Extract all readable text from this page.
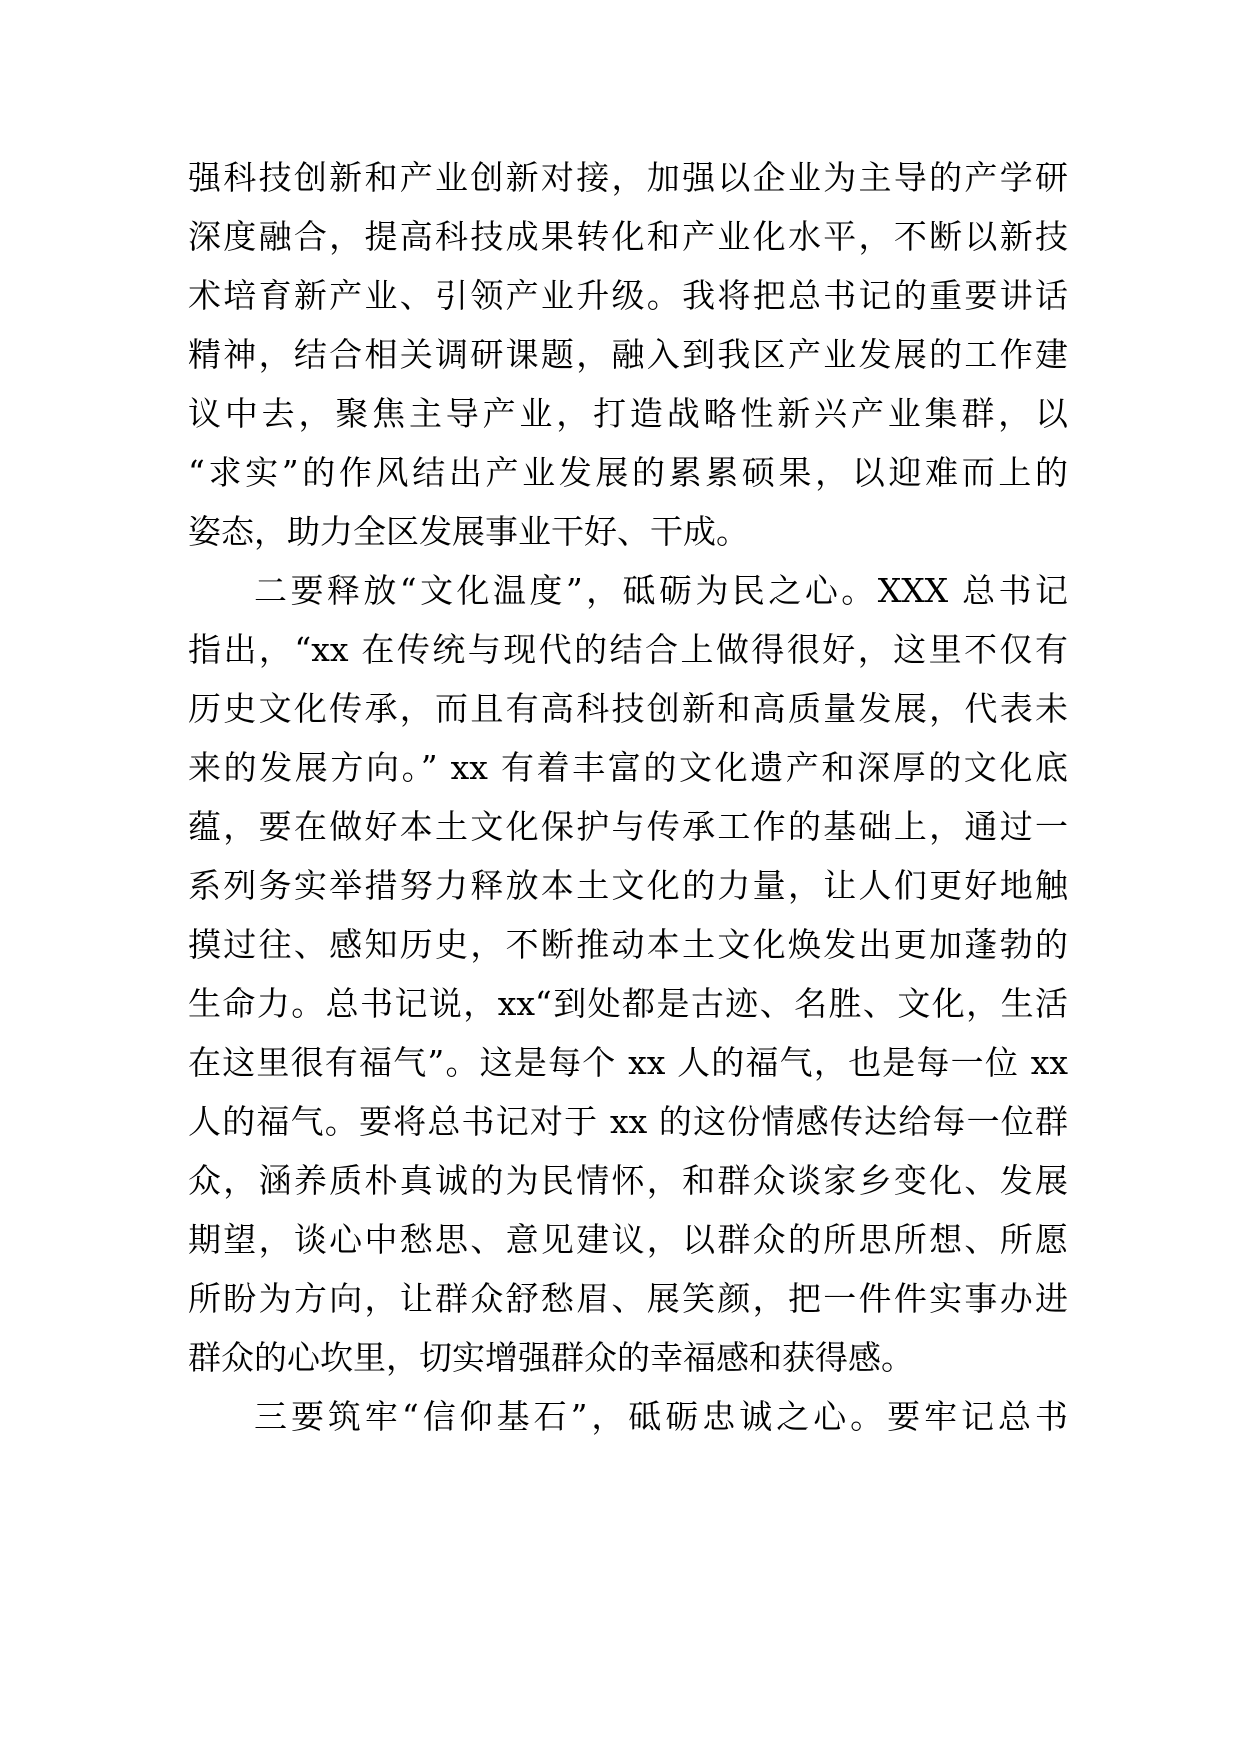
强科技创新和产业创新对接，加强以企业为主导的产学研

深度融合，提高科技成果转化和产业化水平，不断以新技

术培育新产业、引领产业升级。我将把总书记的重要讲话

精神，结合相关调研课题，融入到我区产业发展的工作建

议中去，聚焦主导产业，打造战略性新兴产业集群，以

“求实”的作风结出产业发展的累累硕果，以迎难而上的

姿态，助力全区发展事业干好、干成。

二要释放“文化温度”，砥砺为民之心。XXX 总书记

指出，“xx 在传统与现代的结合上做得很好，这里不仅有

历史文化传承，而且有高科技创新和高质量发展，代表未

来的发展方向。” xx 有着丰富的文化遗产和深厚的文化底

蕴，要在做好本土文化保护与传承工作的基础上，通过一

系列务实举措努力释放本土文化的力量，让人们更好地触

摸过往、感知历史，不断推动本土文化焕发出更加蓬勃的

生命力。总书记说，xx“到处都是古迹、名胜、文化，生活

在这里很有福气”。这是每个 xx 人的福气，也是每一位 xx

人的福气。要将总书记对于 xx 的这份情感传达给每一位群

众，涵养质朴真诚的为民情怀，和群众谈家乡变化、发展

期望，谈心中愁思、意见建议，以群众的所思所想、所愿

所盼为方向，让群众舒愁眉、展笑颜，把一件件实事办进

群众的心坎里，切实增强群众的幸福感和获得感。

三要筑牢“信仰基石”，砥砺忠诚之心。要牢记总书
